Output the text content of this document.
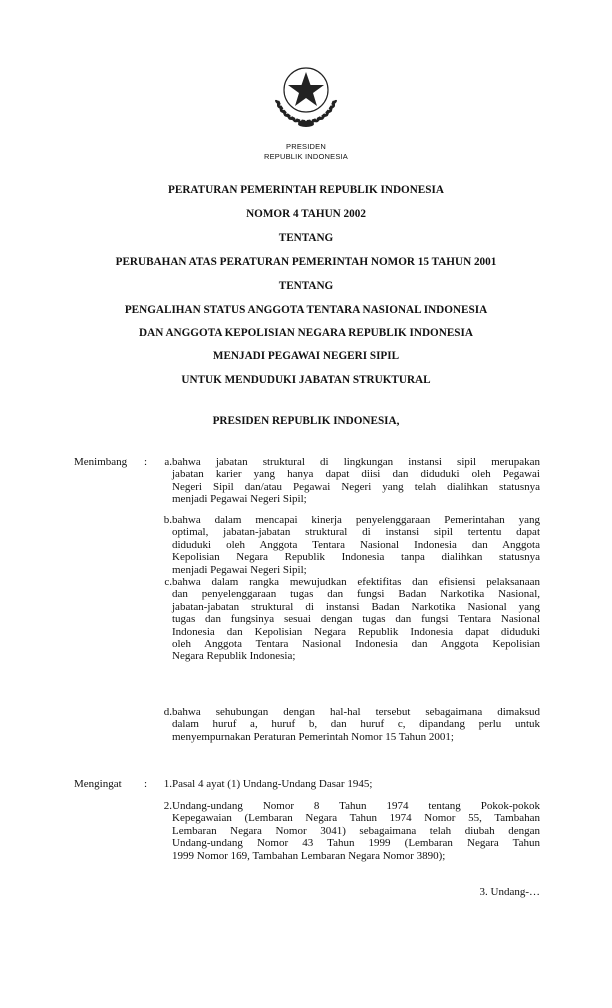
PRESIDEN
REPUBLIK INDONESIA
PERATURAN PEMERINTAH REPUBLIK INDONESIA
NOMOR 4 TAHUN 2002
TENTANG
PERUBAHAN ATAS PERATURAN PEMERINTAH NOMOR 15 TAHUN 2001
TENTANG
PENGALIHAN STATUS ANGGOTA TENTARA NASIONAL INDONESIA
DAN ANGGOTA KEPOLISIAN NEGARA REPUBLIK INDONESIA
MENJADI PEGAWAI NEGERI SIPIL
UNTUK MENDUDUKI JABATAN STRUKTURAL
PRESIDEN REPUBLIK INDONESIA,
Menimbang :	a. bahwa jabatan struktural di lingkungan instansi sipil merupakan
jabatan karier yang hanya dapat diisi dan diduduki oleh Pegawai
Negeri Sipil dan/atau Pegawai Negeri yang telah dialihkan statusnya
menjadi Pegawai Negeri Sipil;
b. bahwa dalam mencapai kinerja penyelenggaraan Pemerintahan yang
optimal, jabatan-jabatan struktural di instansi sipil tertentu dapat
diduduki oleh Anggota Tentara Nasional Indonesia dan Anggota
Kepolisian Negara Republik Indonesia tanpa dialihkan statusnya
menjadi Pegawai Negeri Sipil;
c. bahwa dalam rangka mewujudkan efektifitas dan efisiensi pelaksanaan
dan penyelenggaraan tugas dan fungsi Badan Narkotika Nasional,
jabatan-jabatan struktural di instansi Badan Narkotika Nasional yang
tugas dan fungsinya sesuai dengan tugas dan fungsi Tentara Nasional
Indonesia dan Kepolisian Negara Republik Indonesia dapat diduduki
oleh Anggota Tentara Nasional Indonesia dan Anggota Kepolisian
Negara Republik Indonesia;
d. bahwa sehubungan dengan hal-hal tersebut sebagaimana dimaksud
dalam huruf a, huruf b, dan huruf c, dipandang perlu untuk
menyempurnakan Peraturan Pemerintah Nomor 15 Tahun 2001;
Mengingat :	1. Pasal 4 ayat (1) Undang-Undang Dasar 1945;
2. Undang-undang Nomor 8 Tahun 1974 tentang Pokok-pokok
Kepegawaian (Lembaran Negara Tahun 1974 Nomor 55, Tambahan
Lembaran Negara Nomor 3041) sebagaimana telah diubah dengan
Undang-undang Nomor 43 Tahun 1999 (Lembaran Negara Tahun
1999 Nomor 169, Tambahan Lembaran Negara Nomor 3890);
3. Undang-…
